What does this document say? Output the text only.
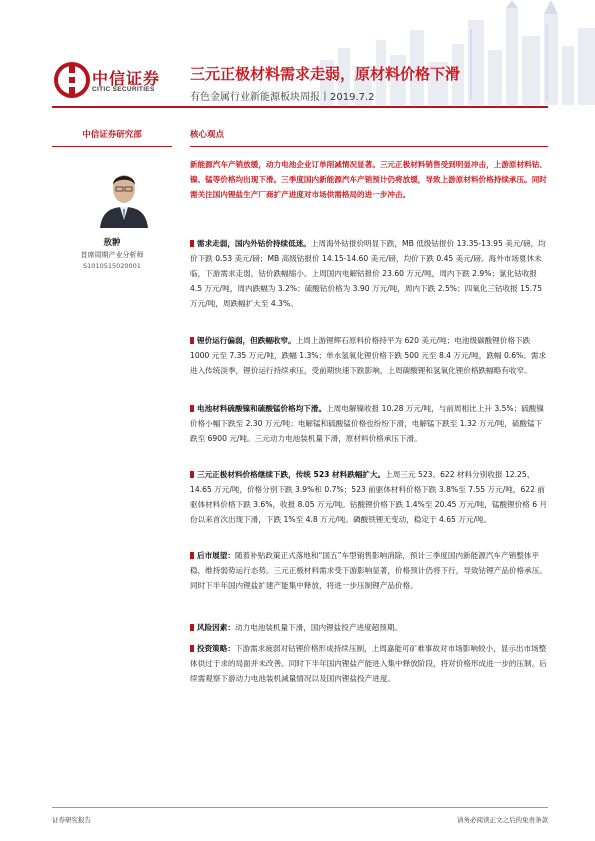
中信证券
CITIC SECURITIES
三元正极材料需求走弱，原材料价格下滑
有色金属行业新能源板块周报丨2019.7.2
中信证券研究部
敖翀
首席周期产业分析师
S1010515020001
核心观点
新能源汽车产销放缓，动力电池企业订单削减情况显著。三元正极材料销售受到明显冲击，上游原材料钴、镍、锰等价格均出现下滑。三季度国内新能源汽车产销预计仍将放缓，导致上游原材料价格持续承压。同时需关注国内锂盐生产厂商扩产进度对市场供需格局的进一步冲击。
需求走弱，国内外钴价持续低迷。上周海外钴报价明显下跌，MB 低级钴报价 13.35-13.95 美元/磅，均价下跌 0.53 美元/磅；MB 高级钴报价 14.15-14.60 美元/磅，均价下跌 0.45 美元/磅。海外市场夏休未临，下游需求走弱，钴价跌幅缩小。上周国内电解钴报价 23.60 万元/吨，周内下跌 2.9%；氯化钴收报 4.5 万元/吨，周内跌幅为 3.2%；硫酸钴价格为 3.90 万元/吨，周内下跌 2.5%；四氧化三钴收报 15.75 万元/吨，周跌幅扩大至 4.3%。
锂价运行偏弱，但跌幅收窄。上周上游锂辉石原料价格持平为 620 美元/吨；电池级碳酸锂价格下跌 1000 元至 7.35 万元/吨，跌幅 1.3%；单水氢氧化锂价格下跌 500 元至 8.4 万元/吨，跌幅 0.6%。需求进入传统淡季，锂价运行持续承压，受前期快速下跌影响，上周碳酸锂和氢氧化锂价格跌幅略有收窄。
电池材料硫酸镍和硫酸锰价格均下滑。上周电解镍收报 10.28 万元/吨，与前周相比上升 3.5%；硫酸镍价格小幅下跌至 2.30 万元/吨；电解锰和硫酸锰价格也纷纷下滑，电解锰下跌至 1.32 万元/吨，硫酸锰下跌至 6900 元/吨。三元动力电池装机量下滑，原材料价格承压下滑。
三元正极材料价格继续下跌，传统 523 材料跌幅扩大。上周三元 523、622 材料分别收报 12.25、14.65 万元/吨，价格分别下跌 3.9%和 0.7%；523 前驱体材料价格下跌 3.8%至 7.55 万元/吨，622 前驱体材料价格下跌 3.6%，收报 8.05 万元/吨。钴酸锂价格下跌 1.4%至 20.45 万元/吨，锰酸锂价格 6 月份以来首次出现下滑，下跌 1%至 4.8 万元/吨。磷酸铁锂无变动，稳定于 4.65 万元/吨。
后市展望：随着补贴政策正式落地和“国五”车型销售影响消除，预计三季度国内新能源汽车产销整体平稳，维持弱势运行态势。三元正极材料需求受下游影响显著，价格预计仍将下行，导致钴锂产品价格承压。同时下半年国内锂盐扩建产能集中释放，将进一步压制锂产品价格。
风险因素：动力电池装机量下滑，国内锂盐投产进度超预期。
投资策略：下游需求疲弱对钴锂价格形成持续压制，上周嘉能可矿难事故对市场影响较小，显示出市场整体供过于求的局面并未改善。同时下半年国内锂盐产能进入集中释放阶段，将对价格形成进一步的压制。后续需观察下游动力电池装机减量情况以及国内锂盐投产进度。
证券研究报告	请务必阅读正文之后的免责条款
